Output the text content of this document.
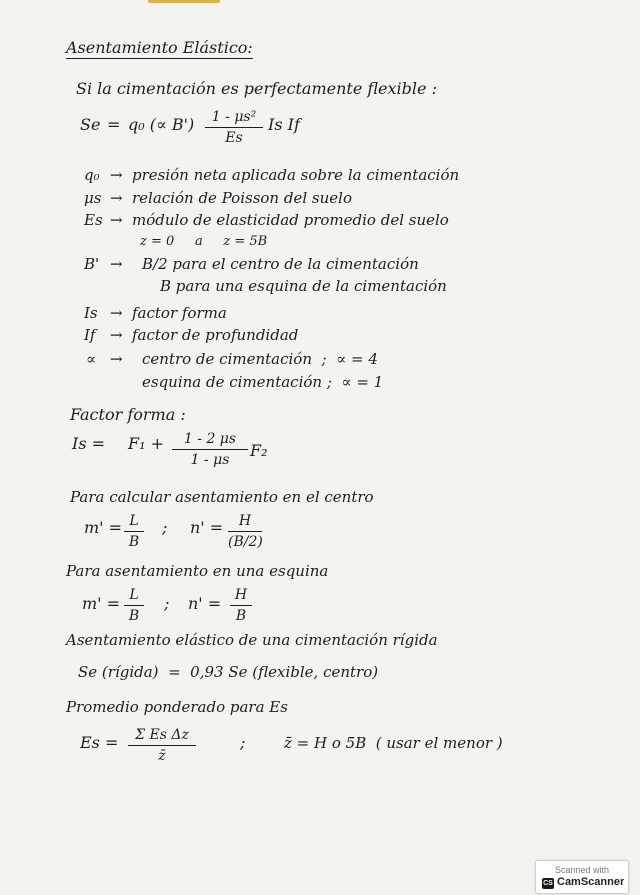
Asentamiento Elástico:
Si la cimentación es perfectamente flexible :
Se = q₀ (∝ B')	1 - μs²
Es
Is If
q₀ → presión neta aplicada sobre la cimentación
μs → relación de Poisson del suelo
Es → módulo de elasticidad promedio del suelo
z = 0     a     z = 5B
B' → B/2 para el centro de la cimentación
B para una esquina de la cimentación
Is → factor forma
If → factor de profundidad
∝ → centro de cimentación  ;  ∝ = 4
esquina de cimentación ;  ∝ = 1
Factor forma :
Is = F₁ +	1 - 2 μs
1 - μs	F₂
Para calcular asentamiento en el centro
m' = L
B
; n' =	H
(B/2)
Para asentamiento en una esquina
m' = L
B
; n' = H
B
Asentamiento elástico de una cimentación rígida
Se (rígida)  =  0,93 Se (flexible, centro)
Promedio ponderado para Es
Es =	Σ Es Δz
z̄
;	z̄ = H o 5B  ( usar el menor )
Scanned with
CS CamScanner
